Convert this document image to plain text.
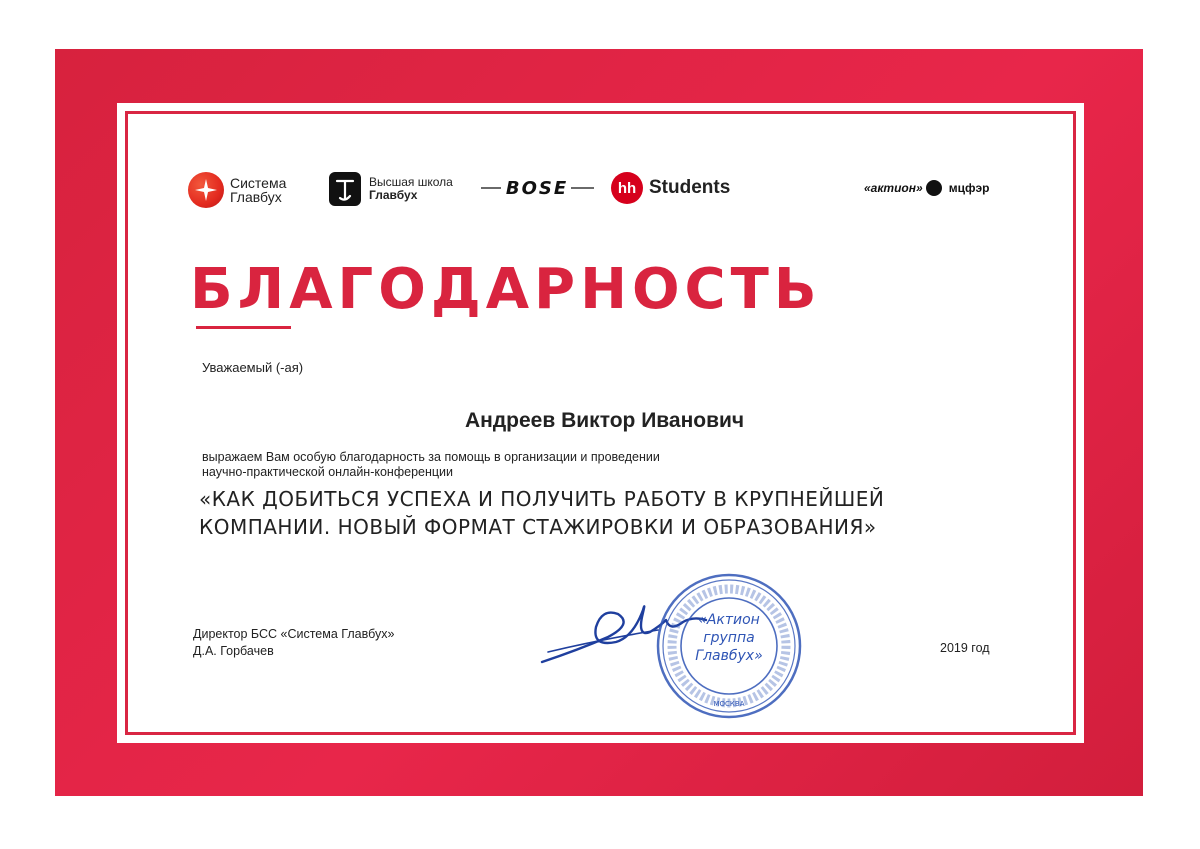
Система
Главбух
Высшая школа
Главбух	BOSE	hh Students	«актион» мцфэр
БЛАГОДАРНОСТЬ
Уважаемый (-ая)
Андреев Виктор Иванович
выражаем Вам особую благодарность за помощь в организации и проведении
научно-практической онлайн-конференции
«КАК ДОБИТЬСЯ УСПЕХА И ПОЛУЧИТЬ РАБОТУ В КРУПНЕЙШЕЙ
КОМПАНИИ. НОВЫЙ ФОРМАТ СТАЖИРОВКИ И ОБРАЗОВАНИЯ»
Директор БСС «Система Главбух»
Д.А. Горбачев
«Актион
группа
Главбух»
МОСКВА
2019 год
